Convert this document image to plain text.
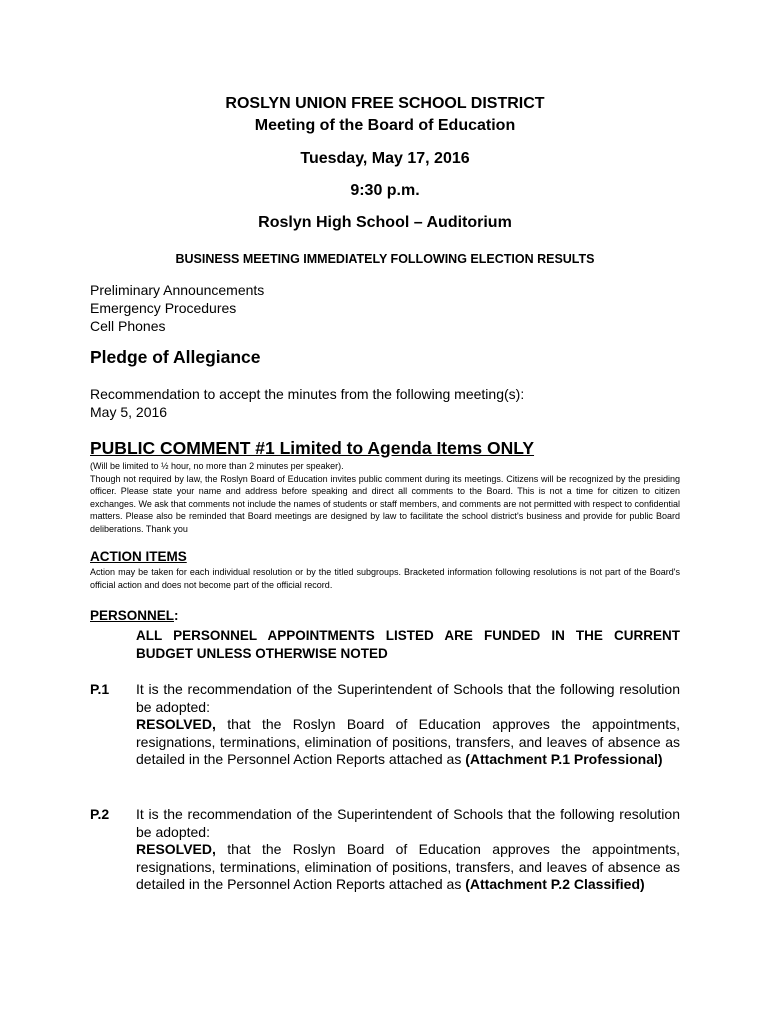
ROSLYN UNION FREE SCHOOL DISTRICT
Meeting of the Board of Education
Tuesday, May 17, 2016
9:30 p.m.
Roslyn High School – Auditorium
BUSINESS MEETING IMMEDIATELY FOLLOWING ELECTION RESULTS
Preliminary Announcements
Emergency Procedures
Cell Phones
Pledge of Allegiance
Recommendation to accept the minutes from the following meeting(s):
May 5, 2016
PUBLIC COMMENT #1 Limited to Agenda Items ONLY
(Will be limited to ½ hour, no more than 2 minutes per speaker).
Though not required by law, the Roslyn Board of Education invites public comment during its meetings. Citizens will be recognized by the presiding officer. Please state your name and address before speaking and direct all comments to the Board. This is not a time for citizen to citizen exchanges. We ask that comments not include the names of students or staff members, and comments are not permitted with respect to confidential matters. Please also be reminded that Board meetings are designed by law to facilitate the school district's business and provide for public Board deliberations. Thank you
ACTION ITEMS
Action may be taken for each individual resolution or by the titled subgroups. Bracketed information following resolutions is not part of the Board's official action and does not become part of the official record.
PERSONNEL:
ALL PERSONNEL APPOINTMENTS LISTED ARE FUNDED IN THE CURRENT BUDGET UNLESS OTHERWISE NOTED
P.1 It is the recommendation of the Superintendent of Schools that the following resolution be adopted:
RESOLVED, that the Roslyn Board of Education approves the appointments, resignations, terminations, elimination of positions, transfers, and leaves of absence as detailed in the Personnel Action Reports attached as (Attachment P.1 Professional)
P.2 It is the recommendation of the Superintendent of Schools that the following resolution be adopted:
RESOLVED, that the Roslyn Board of Education approves the appointments, resignations, terminations, elimination of positions, transfers, and leaves of absence as detailed in the Personnel Action Reports attached as (Attachment P.2 Classified)
